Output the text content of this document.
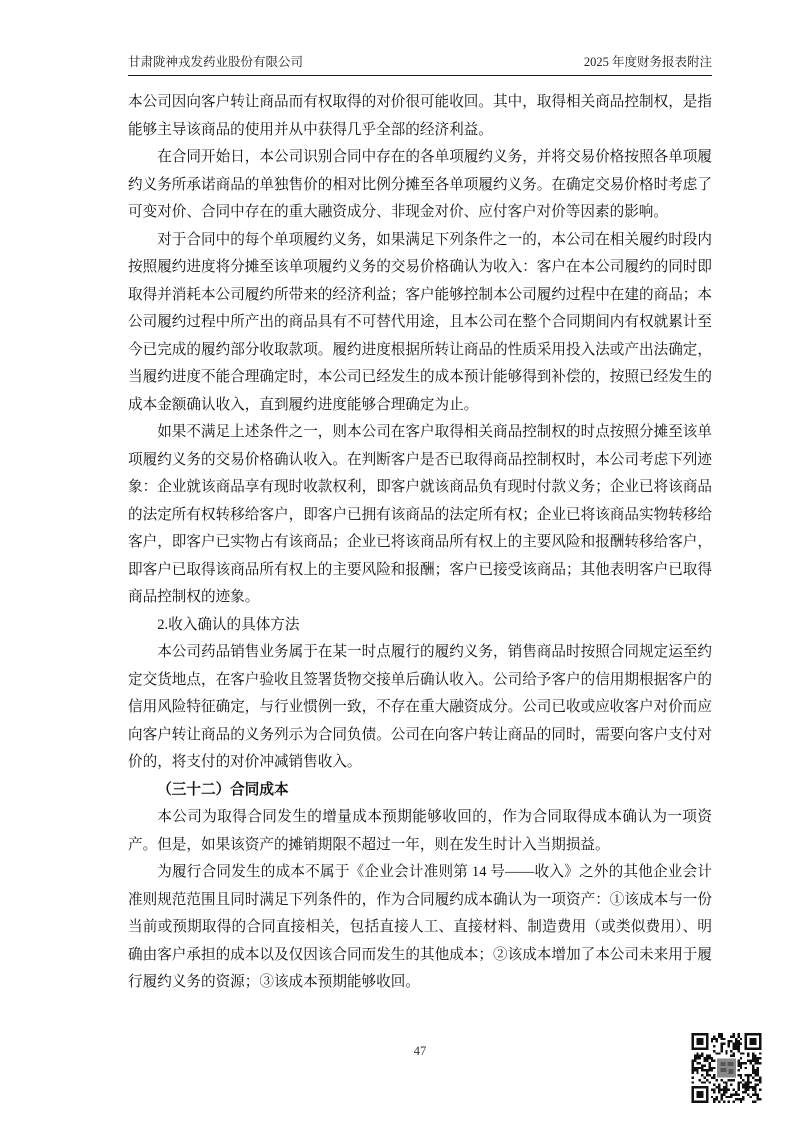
甘肃陇神戎发药业股份有限公司	2025 年度财务报表附注

本公司因向客户转让商品而有权取得的对价很可能收回。其中，取得相关商品控制权，是指能够主导该商品的使用并从中获得几乎全部的经济利益。

在合同开始日，本公司识别合同中存在的各单项履约义务，并将交易价格按照各单项履约义务所承诺商品的单独售价的相对比例分摊至各单项履约义务。在确定交易价格时考虑了可变对价、合同中存在的重大融资成分、非现金对价、应付客户对价等因素的影响。

对于合同中的每个单项履约义务，如果满足下列条件之一的，本公司在相关履约时段内按照履约进度将分摊至该单项履约义务的交易价格确认为收入：客户在本公司履约的同时即取得并消耗本公司履约所带来的经济利益；客户能够控制本公司履约过程中在建的商品；本公司履约过程中所产出的商品具有不可替代用途，且本公司在整个合同期间内有权就累计至今已完成的履约部分收取款项。履约进度根据所转让商品的性质采用投入法或产出法确定，当履约进度不能合理确定时，本公司已经发生的成本预计能够得到补偿的，按照已经发生的成本金额确认收入，直到履约进度能够合理确定为止。

如果不满足上述条件之一，则本公司在客户取得相关商品控制权的时点按照分摊至该单项履约义务的交易价格确认收入。在判断客户是否已取得商品控制权时，本公司考虑下列迹象：企业就该商品享有现时收款权利，即客户就该商品负有现时付款义务；企业已将该商品的法定所有权转移给客户，即客户已拥有该商品的法定所有权；企业已将该商品实物转移给客户，即客户已实物占有该商品；企业已将该商品所有权上的主要风险和报酬转移给客户，即客户已取得该商品所有权上的主要风险和报酬；客户已接受该商品；其他表明客户已取得商品控制权的迹象。

2.收入确认的具体方法

本公司药品销售业务属于在某一时点履行的履约义务，销售商品时按照合同规定运至约定交货地点，在客户验收且签署货物交接单后确认收入。公司给予客户的信用期根据客户的信用风险特征确定，与行业惯例一致，不存在重大融资成分。公司已收或应收客户对价而应向客户转让商品的义务列示为合同负债。公司在向客户转让商品的同时，需要向客户支付对价的，将支付的对价冲减销售收入。

（三十二）合同成本

本公司为取得合同发生的增量成本预期能够收回的，作为合同取得成本确认为一项资产。但是，如果该资产的摊销期限不超过一年，则在发生时计入当期损益。

为履行合同发生的成本不属于《企业会计准则第 14 号——收入》之外的其他企业会计准则规范范围且同时满足下列条件的，作为合同履约成本确认为一项资产：①该成本与一份当前或预期取得的合同直接相关，包括直接人工、直接材料、制造费用（或类似费用）、明确由客户承担的成本以及仅因该合同而发生的其他成本；②该成本增加了本公司未来用于履行履约义务的资源；③该成本预期能够收回。

47
